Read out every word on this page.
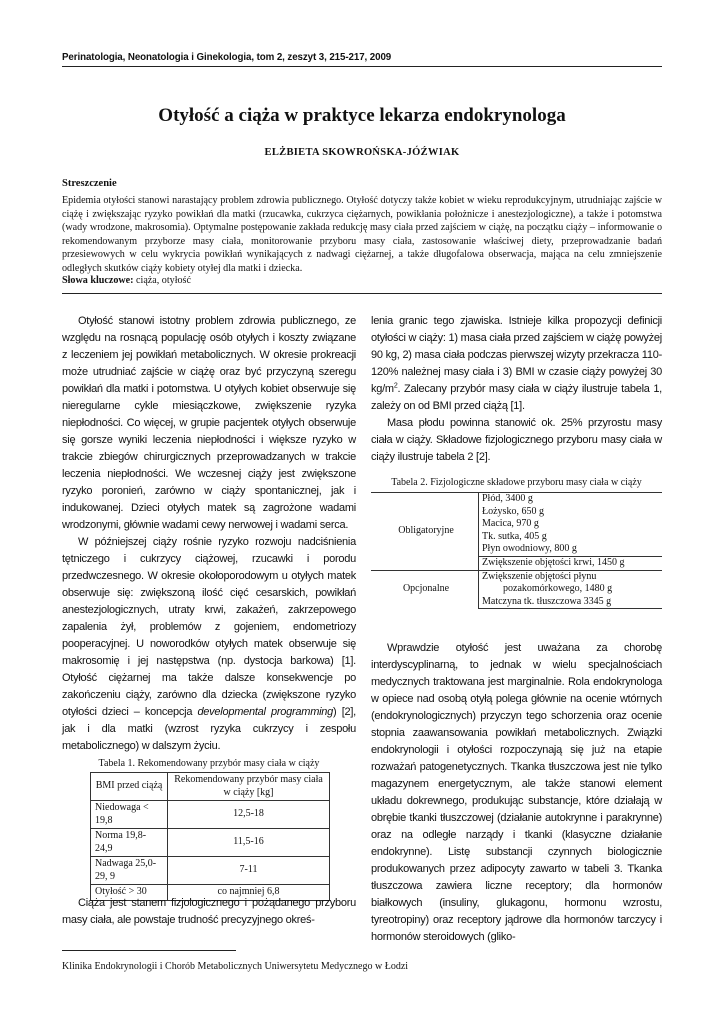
Perinatologia, Neonatologia i Ginekologia, tom 2, zeszyt 3, 215-217, 2009
Otyłość a ciąża w praktyce lekarza endokrynologa
ELŻBIETA SKOWROŃSKA-JÓŹWIAK
Streszczenie
Epidemia otyłości stanowi narastający problem zdrowia publicznego. Otyłość dotyczy także kobiet w wieku reprodukcyjnym, utrudniając zajście w ciążę i zwiększając ryzyko powikłań dla matki (rzucawka, cukrzyca ciężarnych, powikłania położnicze i anestezjologiczne), a także i potomstwa (wady wrodzone, makrosomia). Optymalne postępowanie zakłada redukcję masy ciała przed zajściem w ciążę, na początku ciąży – informowanie o rekomendowanym przyborze masy ciała, monitorowanie przyboru masy ciała, zastosowanie właściwej diety, przeprowadzanie badań przesiewowych w celu wykrycia powikłań wynikających z nadwagi ciężarnej, a także długofalowa obserwacja, mająca na celu zmniejszenie odległych skutków ciąży kobiety otyłej dla matki i dziecka.
Słowa kluczowe: ciąża, otyłość

Otyłość stanowi istotny problem zdrowia publicznego, ze względu na rosnącą populację osób otyłych i koszty związane z leczeniem jej powikłań metabolicznych. W okresie prokreacji może utrudniać zajście w ciążę oraz być przyczyną szeregu powikłań dla matki i potomstwa. U otyłych kobiet obserwuje się nieregularne cykle miesiączkowe, zwiększenie ryzyka niepłodności. Co więcej, w grupie pacjentek otyłych obserwuje się gorsze wyniki leczenia niepłodności i większe ryzyko w trakcie zbiegów chirurgicznych przeprowadzanych w trakcie leczenia niepłodności. We wczesnej ciąży jest zwiększone ryzyko poronień, zarówno w ciąży spontanicznej, jak i indukowanej. Dzieci otyłych matek są zagrożone wadami wrodzonymi, głównie wadami cewy nerwowej i wadami serca.

W późniejszej ciąży rośnie ryzyko rozwoju nadciśnienia tętniczego i cukrzycy ciążowej, rzucawki i porodu przedwczesnego. W okresie okołoporodowym u otyłych matek obserwuje się: zwiększoną ilość cięć cesarskich, powikłań anestezjologicznych, utraty krwi, zakażeń, zakrzepowego zapalenia żył, problemów z gojeniem, endometriozy pooperacyjnej. U noworodków otyłych matek obserwuje się makrosomię i jej następstwa (np. dystocja barkowa) [1]. Otyłość ciężarnej ma także dalsze konsekwencje po zakończeniu ciąży, zarówno dla dziecka (zwiększone ryzyko otyłości dzieci – koncepcja developmental programming) [2], jak i dla matki (wzrost ryzyka cukrzycy i zespołu metabolicznego) w dalszym życiu.

Tabela 1. Rekomendowany przybór masy ciała w ciąży
BMI przed ciążą	Rekomendowany przybór masy ciała w ciąży [kg]
Niedowaga < 19,8	12,5-18
Norma 19,8-24,9	11,5-16
Nadwaga 25,0-29, 9	7-11
Otyłość > 30	co najmniej 6,8

Ciąża jest stanem fizjologicznego i pożądanego przyboru masy ciała, ale powstaje trudność precyzyjnego okreś-

lenia granic tego zjawiska. Istnieje kilka propozycji definicji otyłości w ciąży: 1) masa ciała przed zajściem w ciążę powyżej 90 kg, 2) masa ciała podczas pierwszej wizyty przekracza 110-120% należnej masy ciała i 3) BMI w czasie ciąży powyżej 30 $kg/m^2$. Zalecany przybór masy ciała w ciąży ilustruje tabela 1, zależy on od BMI przed ciążą [1].

Masa płodu powinna stanowić ok. 25% przyrostu masy ciała w ciąży. Składowe fizjologicznego przyboru masy ciała w ciąży ilustruje tabela 2 [2].

Tabela 2. Fizjologiczne składowe przyboru masy ciała w ciąży
Obligatoryjne	Płód, 3400 g
	Łożysko, 650 g
	Macica, 970 g
	Tk. sutka, 405 g
	Płyn owodniowy, 800 g
	Zwiększenie objętości krwi, 1450 g
Opcjonalne	Zwiększenie objętości płynu
	pozakomórkowego, 1480 g
	Matczyna tk. tłuszczowa 3345 g

Wprawdzie otyłość jest uważana za chorobę interdyscyplinarną, to jednak w wielu specjalnościach medycznych traktowana jest marginalnie. Rola endokrynologa w opiece nad osobą otyłą polega głównie na ocenie wtórnych (endokrynologicznych) przyczyn tego schorzenia oraz ocenie stopnia zaawansowania powikłań metabolicznych. Związki endokrynologii i otyłości rozpoczynają się już na etapie rozważań patogenetycznych. Tkanka tłuszczowa jest nie tylko magazynem energetycznym, ale także stanowi element układu dokrewnego, produkując substancje, które działają w obrębie tkanki tłuszczowej (działanie autokrynne i parakrynne) oraz na odległe narządy i tkanki (klasyczne działanie endokrynne). Listę substancji czynnych biologicznie produkowanych przez adipocyty zawarto w tabeli 3. Tkanka tłuszczowa zawiera liczne receptory; dla hormonów białkowych (insuliny, glukagonu, hormonu wzrostu, tyreotropiny) oraz receptory jądrowe dla hormonów tarczycy i hormonów steroidowych (gliko-

Klinika Endokrynologii i Chorób Metabolicznych Uniwersytetu Medycznego w Łodzi
